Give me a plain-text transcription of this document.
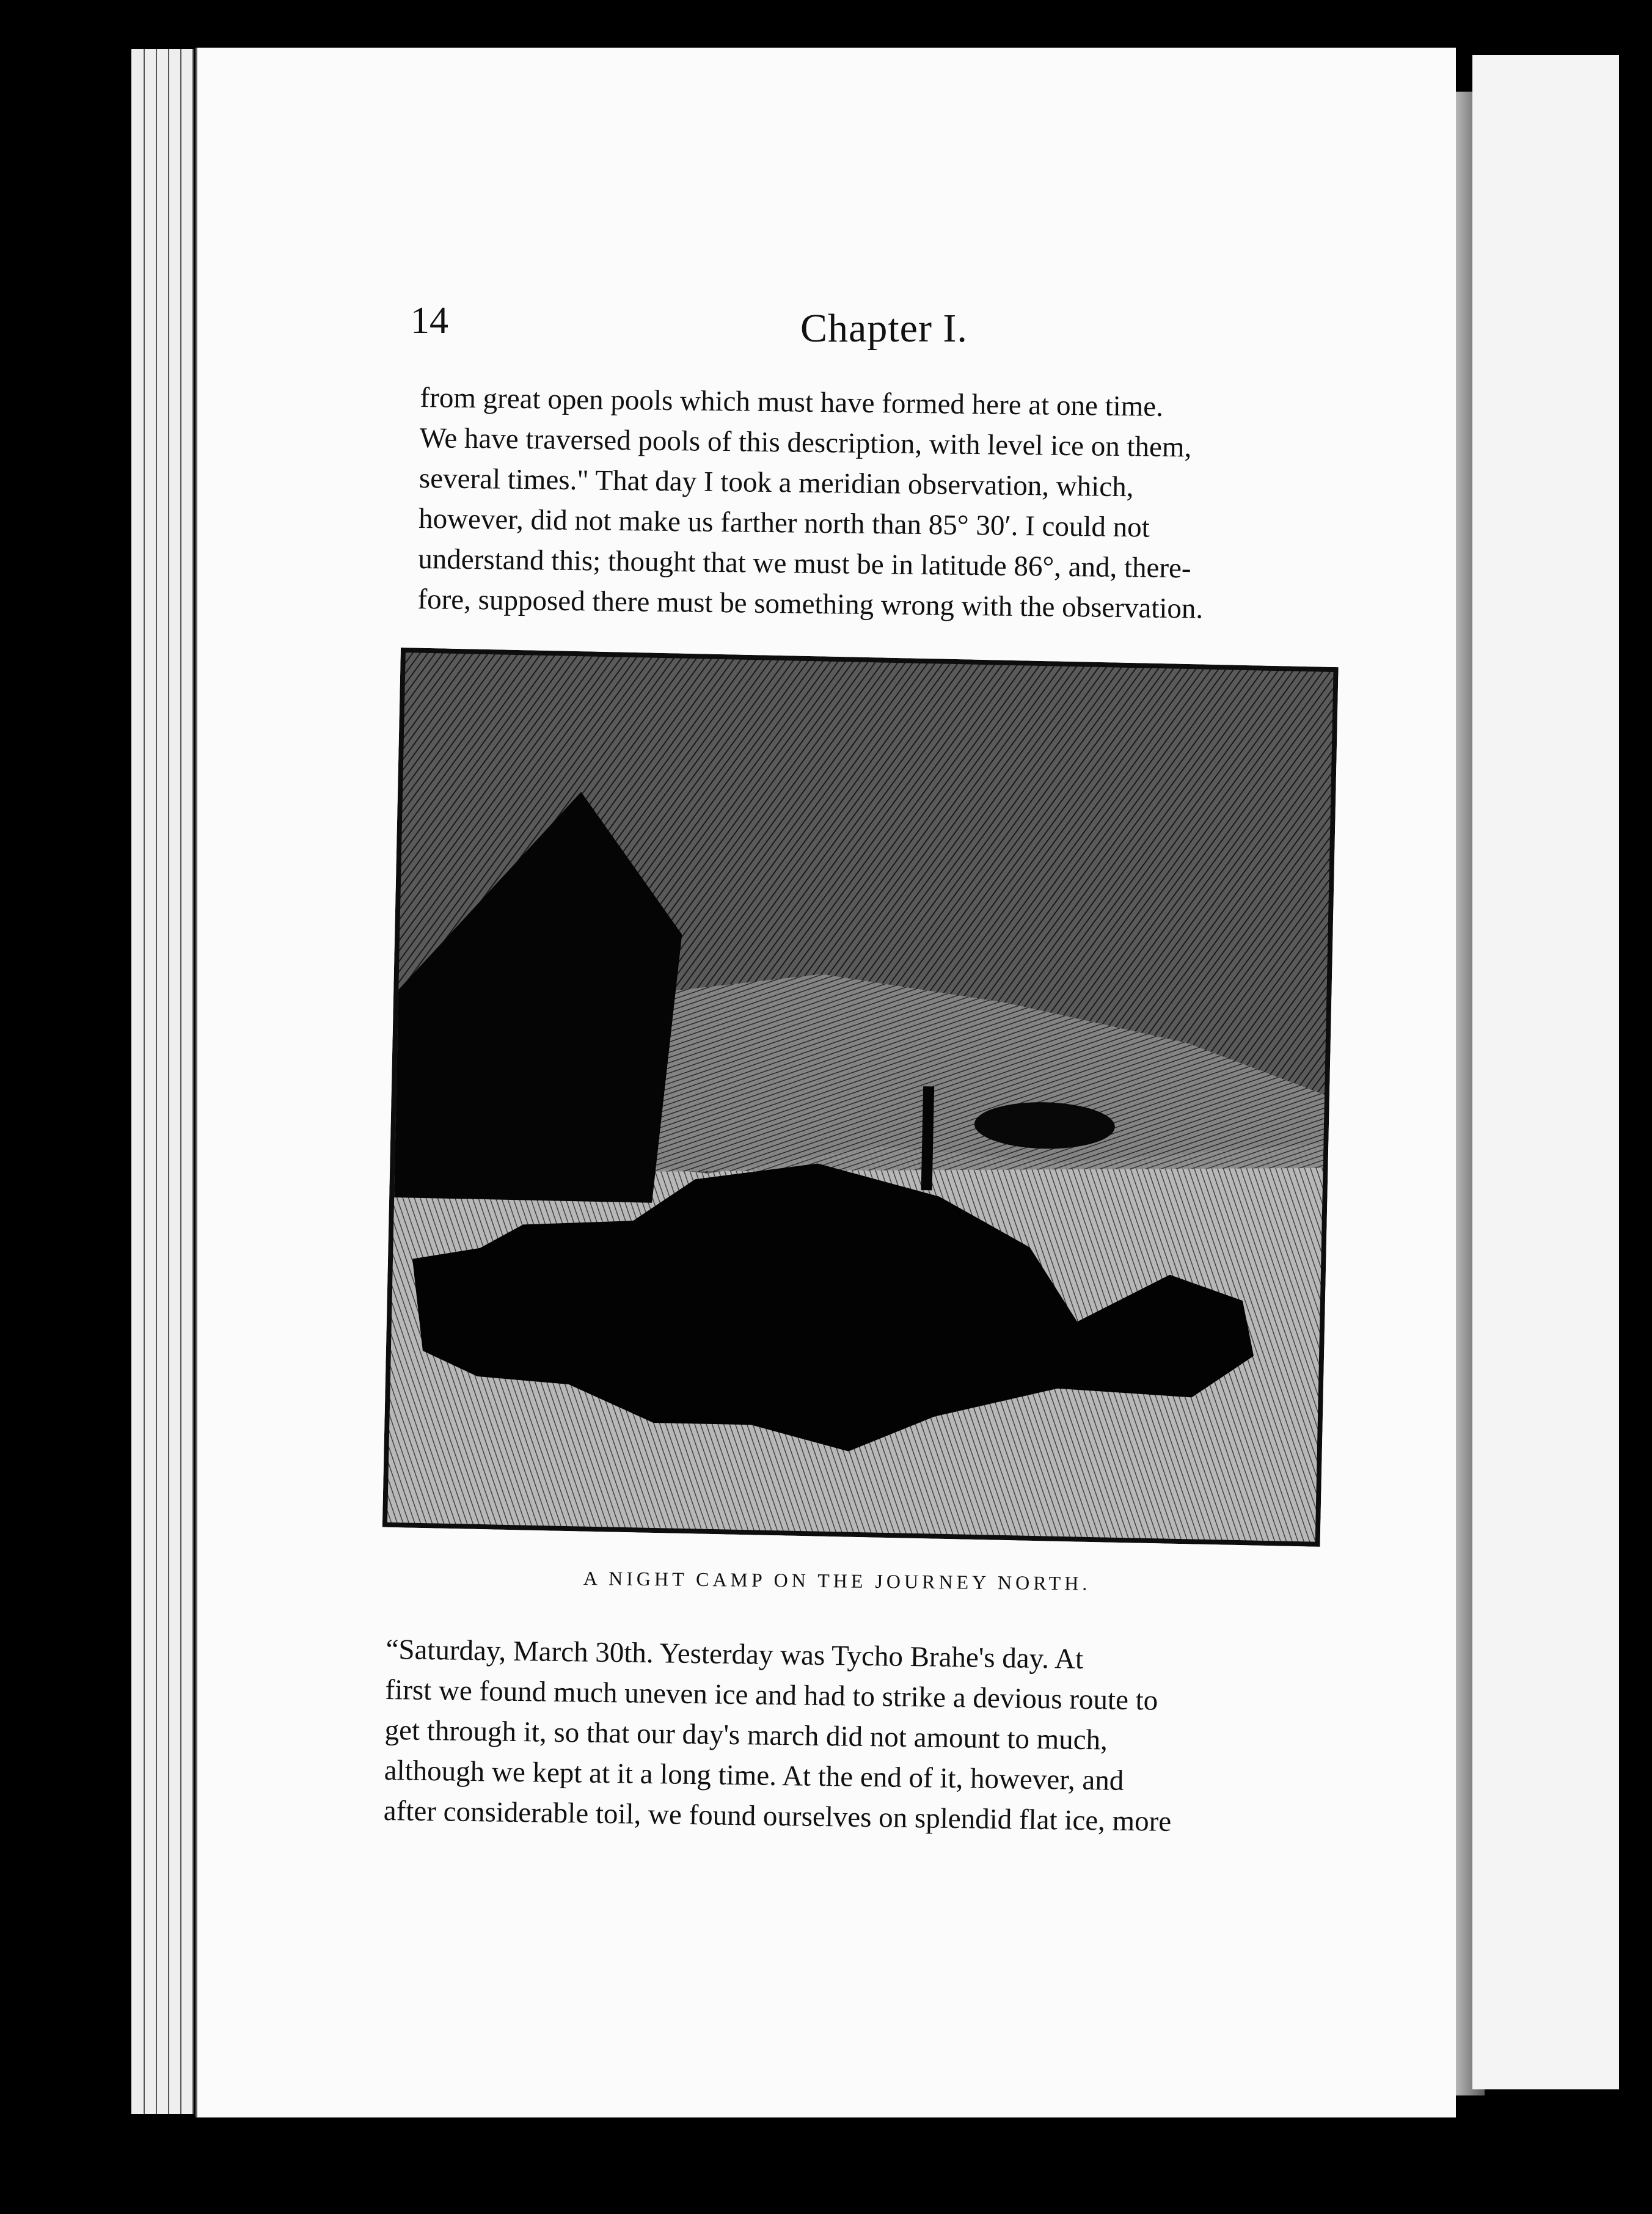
14	Chapter I.
from great open pools which must have formed here at one time.
We have traversed pools of this description, with level ice on them,
several times." That day I took a meridian observation, which,
however, did not make us farther north than 85° 30′. I could not
understand this; thought that we must be in latitude 86°, and, there-
fore, supposed there must be something wrong with the observation.
A NIGHT CAMP ON THE JOURNEY NORTH.
“Saturday, March 30th. Yesterday was Tycho Brahe's day. At
first we found much uneven ice and had to strike a devious route to
get through it, so that our day's march did not amount to much,
although we kept at it a long time. At the end of it, however, and
after considerable toil, we found ourselves on splendid flat ice, more
